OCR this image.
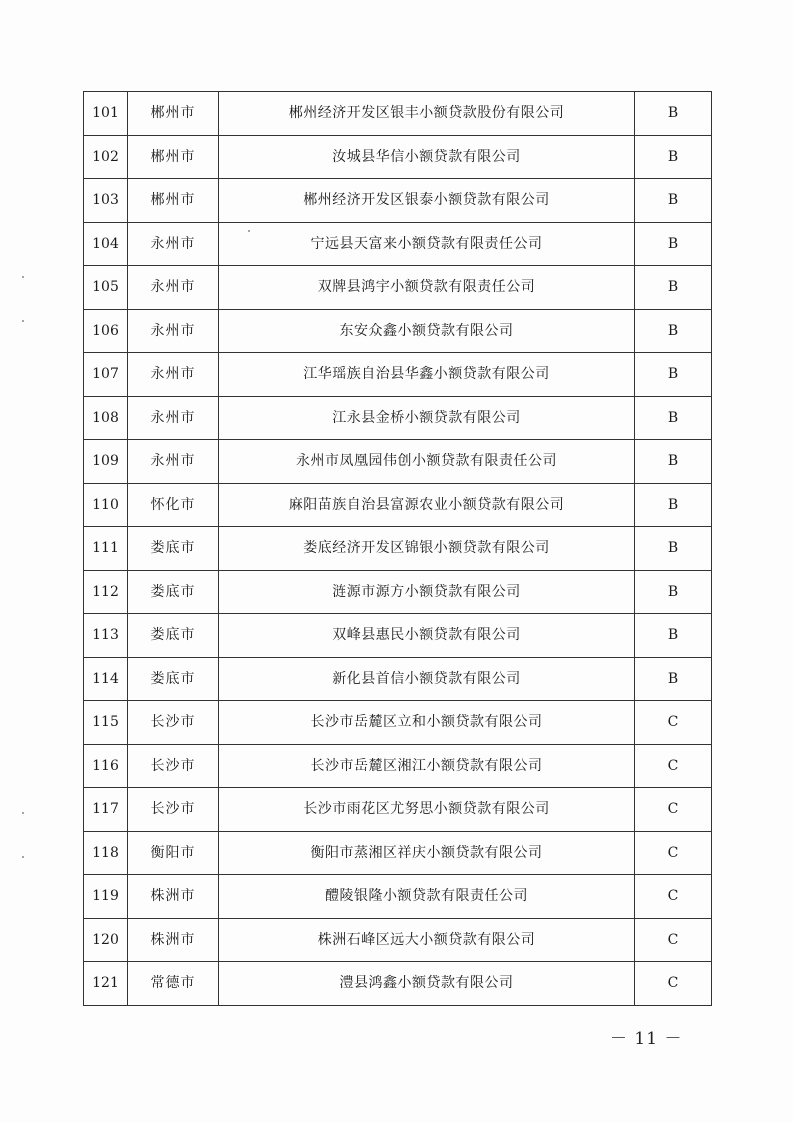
101	郴州市	郴州经济开发区银丰小额贷款股份有限公司	B
102	郴州市	汝城县华信小额贷款有限公司	B
103	郴州市	郴州经济开发区银泰小额贷款有限公司	B
104	永州市	宁远县天富来小额贷款有限责任公司	B
105	永州市	双牌县鸿宇小额贷款有限责任公司	B
106	永州市	东安众鑫小额贷款有限公司	B
107	永州市	江华瑶族自治县华鑫小额贷款有限公司	B
108	永州市	江永县金桥小额贷款有限公司	B
109	永州市	永州市凤凰园伟创小额贷款有限责任公司	B
110	怀化市	麻阳苗族自治县富源农业小额贷款有限公司	B
111	娄底市	娄底经济开发区锦银小额贷款有限公司	B
112	娄底市	涟源市源方小额贷款有限公司	B
113	娄底市	双峰县惠民小额贷款有限公司	B
114	娄底市	新化县首信小额贷款有限公司	B
115	长沙市	长沙市岳麓区立和小额贷款有限公司	C
116	长沙市	长沙市岳麓区湘江小额贷款有限公司	C
117	长沙市	长沙市雨花区尤努思小额贷款有限公司	C
118	衡阳市	衡阳市蒸湘区祥庆小额贷款有限公司	C
119	株洲市	醴陵银隆小额贷款有限责任公司	C
120	株洲市	株洲石峰区远大小额贷款有限公司	C
121	常德市	澧县鸿鑫小额贷款有限公司	C
－ 11 －
